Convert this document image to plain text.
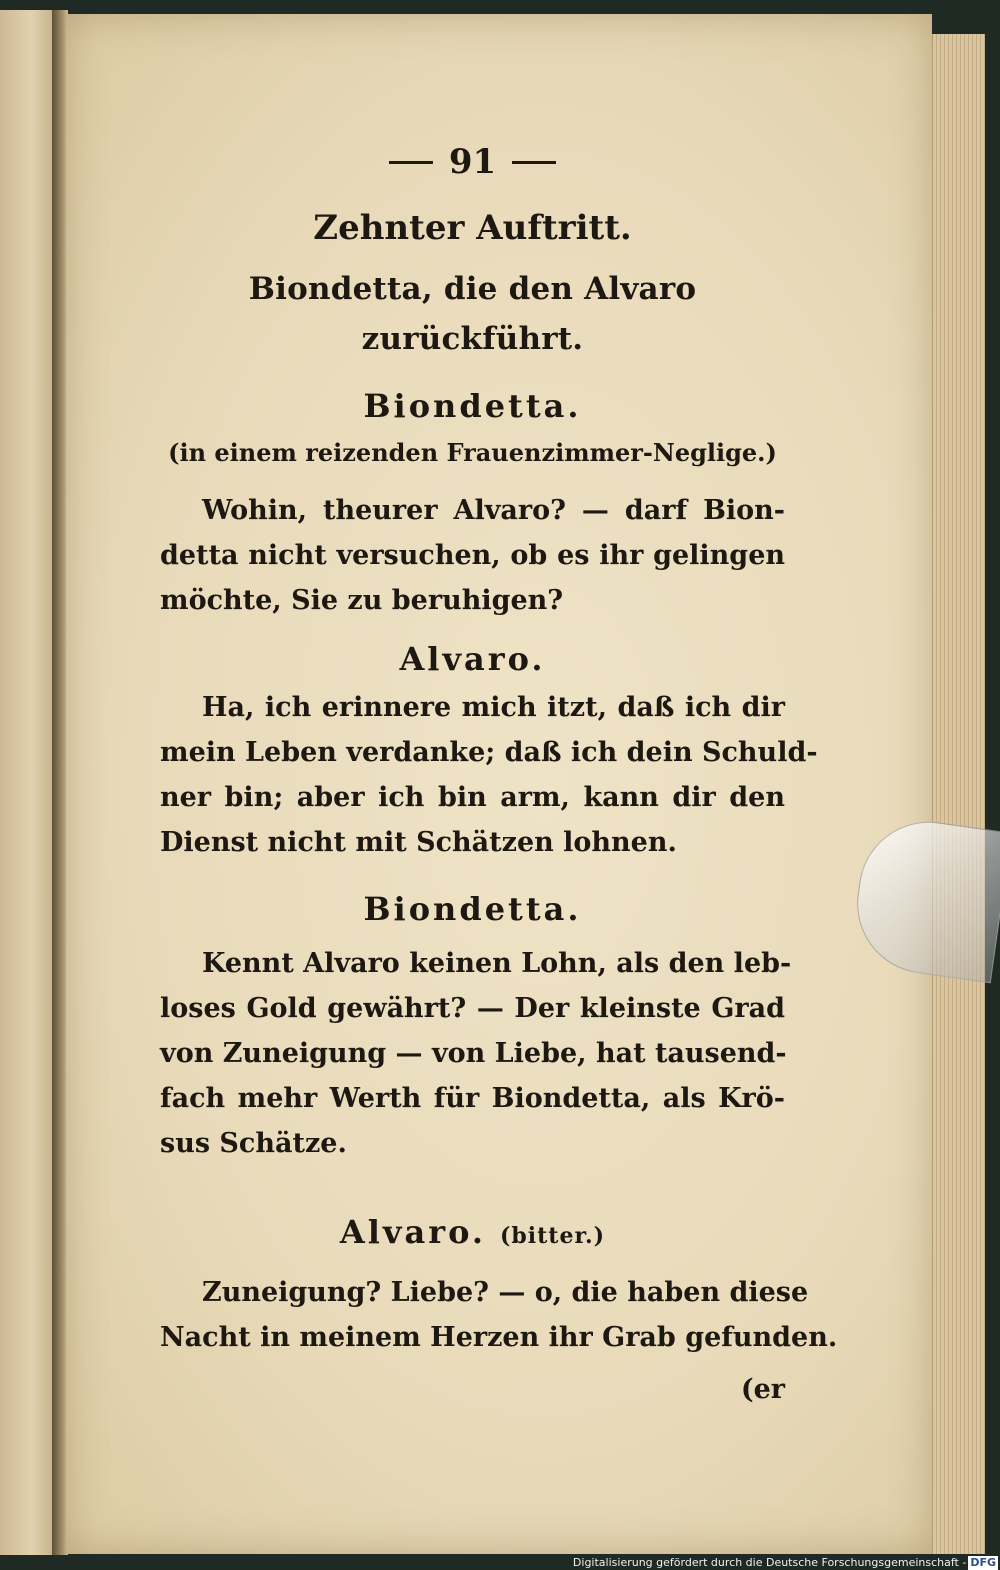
91
Zehnter Auftritt.
Biondetta, die den Alvaro zurückführt.
Biondetta.
(in einem reizenden Frauenzimmer-Neglige.)
Wohin, theurer Alvaro? — darf Bion-
detta nicht versuchen, ob es ihr gelingen
möchte, Sie zu beruhigen?
Alvaro.
Ha, ich erinnere mich itzt, daß ich dir
mein Leben verdanke; daß ich dein Schuld-
ner bin; aber ich bin arm, kann dir den
Dienst nicht mit Schätzen lohnen.
Biondetta.
Kennt Alvaro keinen Lohn, als den leb-
loses Gold gewährt? — Der kleinste Grad
von Zuneigung — von Liebe, hat tausend-
fach mehr Werth für Biondetta, als Krö-
sus Schätze.
Alvaro. (bitter.)
Zuneigung? Liebe? — o, die haben diese
Nacht in meinem Herzen ihr Grab gefunden.
(er
Digitalisierung gefördert durch die Deutsche Forschungsgemeinschaft - DFG
